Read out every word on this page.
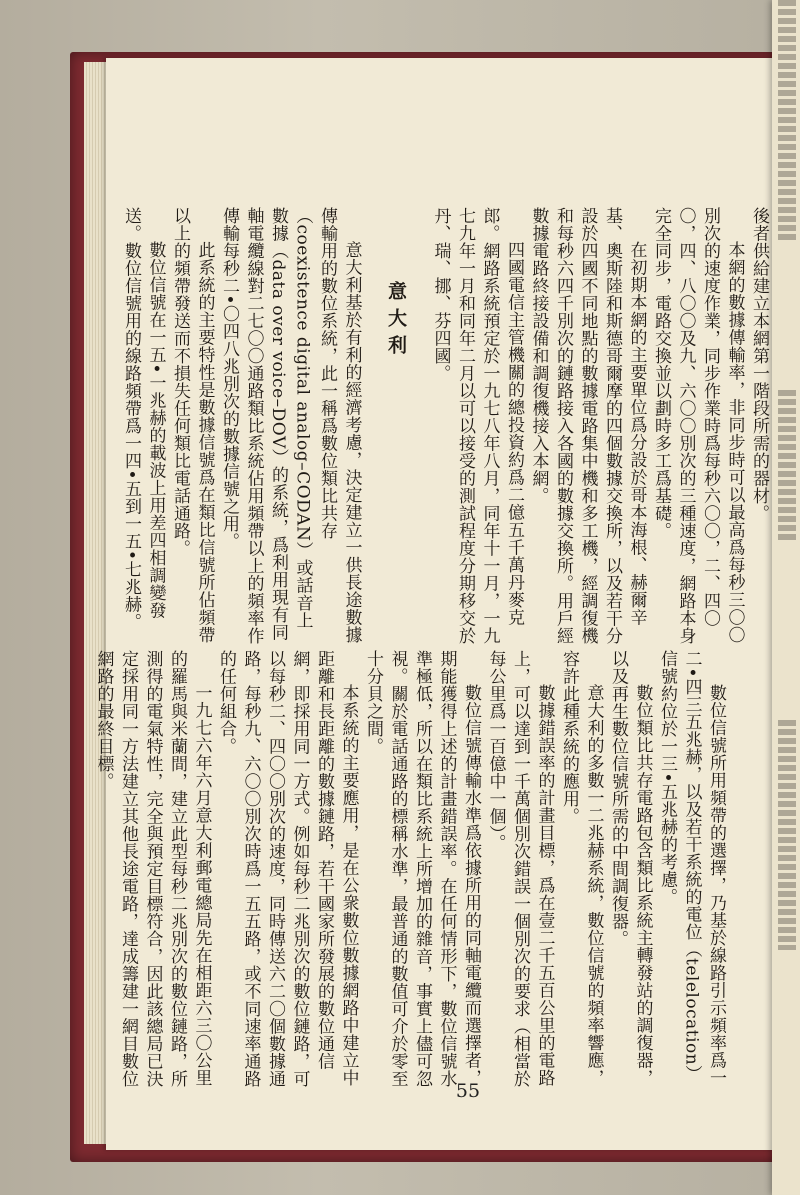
後者供給建立本網第一階段所需的器材。

本網的數據傳輸率，非同步時可以最高爲每秒三〇〇別次的速度作業，同步作業時爲每秒六〇〇，二、四〇〇，四、八〇〇及九、六〇〇別次的三種速度，網路本身完全同步，電路交換並以劃時多工爲基礎。

在初期本網的主要單位爲分設於哥本海根、赫爾辛基、奧斯陸和斯德哥爾摩的四個數據交換所，以及若干分設於四國不同地點的數據電路集中機和多工機，經調復機和每秒六四千別次的鏈路接入各國的數據交換所。用戶經數據電路終接設備和調復機接入本網。

四國電信主管機關的總投資約爲二億五千萬丹麥克郎。網路系統預定於一九七八年八月，同年十一月，一九七九年一月和同年二月以可以接受的測試程度分期移交於丹、瑞、挪、芬四國。

意大利

意大利基於有利的經濟考慮，決定建立一供長途數據傳輸用的數位系統，此一稱爲數位類比共存（coexistence digital analog–CODAN）或話音上數據（data over voice–DOV）的系統，爲利用現有同軸電纜線對二七〇〇通路類比系統佔用頻帶以上的頻率作傳輸每秒二•〇四八兆別次的數據信號之用。

此系統的主要特性是數據信號爲在類比信號所佔頻帶以上的頻帶發送而不損失任何類比電話通路。

數位信號在一五•一兆赫的載波上用差四相調變發送。數位信號用的線路頻帶爲一四•五到一五•七兆赫。

數位信號所用頻帶的選擇，乃基於線路引示頻率爲一二•四三五兆赫，以及若干系統的電位（telelocation）信號約位於一三•五兆赫的考慮。

數位類比共存電路包含類比系統主轉發站的調復器，以及再生數位信號所需的中間調復器。

意大利的多數一二兆赫系統，數位信號的頻率響應，容許此種系統的應用。

數據錯誤率的計畫目標，爲在壹二千五百公里的電路上，可以達到一千萬個別次錯誤一個別次的要求（相當於每公里爲一百億中一個）。

數位信號傳輸水準爲依據所用的同軸電纜而選擇者，期能獲得上述的計畫錯誤率。在任何情形下，數位信號水準極低，所以在類比系統上所增加的雜音，事實上儘可忽視。關於電話通路的標稱水準，最普通的數值可介於零至十分貝之間。

本系統的主要應用，是在公衆數位數據網路中建立中距離和長距離的數據鏈路，若干國家所發展的數位通信網，即採用同一方式。例如每秒二兆別次的數位鏈路，可以每秒二、四〇〇別次的速度，同時傳送六二〇個數據通路，每秒九、六〇〇別次時爲一五五路，或不同速率通路的任何組合。

一九七六年六月意大利郵電總局先在相距六三〇公里的羅馬與米蘭間，建立此型每秒二兆別次的數位鏈路，所測得的電氣特性，完全與預定目標符合，因此該總局已決定採用同一方法建立其他長途電路，達成籌建一網目數位網路的最終目標。

55
